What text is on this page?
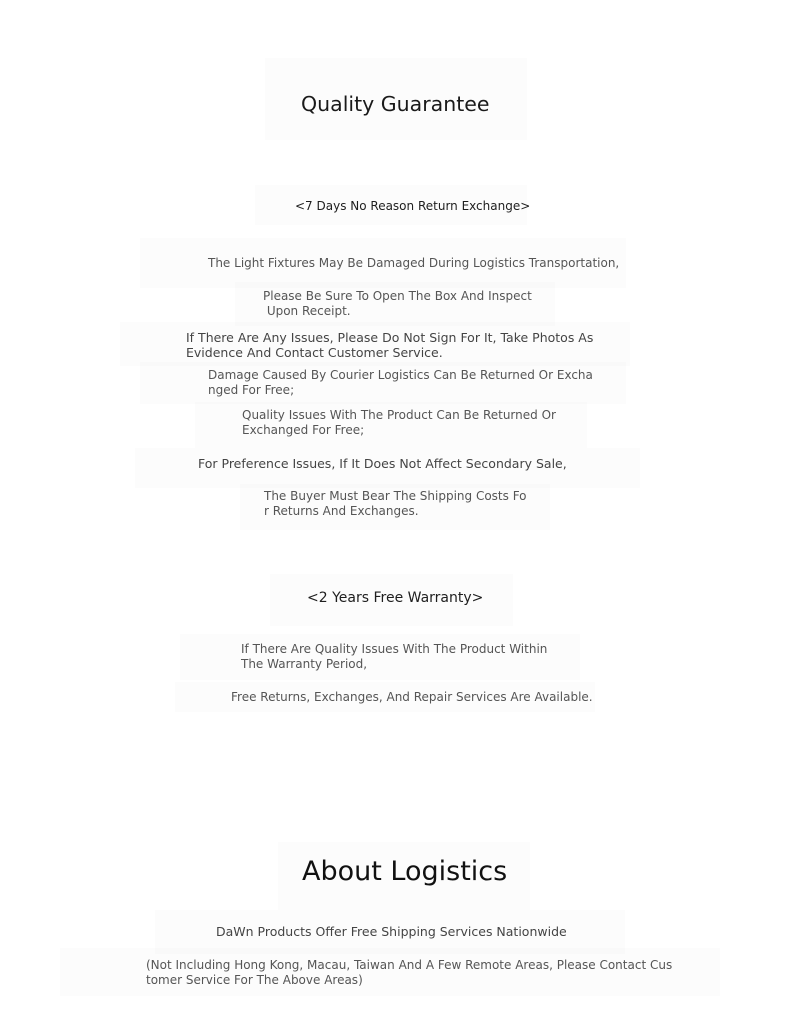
Quality Guarantee
<7 Days No Reason Return Exchange>
The Light Fixtures May Be Damaged During Logistics Transportation,
Please Be Sure To Open The Box And Inspect
Upon Receipt.
If There Are Any Issues, Please Do Not Sign For It, Take Photos As
Evidence And Contact Customer Service.
Damage Caused By Courier Logistics Can Be Returned Or Excha
nged For Free;
Quality Issues With The Product Can Be Returned Or
Exchanged For Free;
For Preference Issues, If It Does Not Affect Secondary Sale,
The Buyer Must Bear The Shipping Costs Fo
r Returns And Exchanges.
<2 Years Free Warranty>
If There Are Quality Issues With The Product Within
The Warranty Period,
Free Returns, Exchanges, And Repair Services Are Available.
About Logistics
DaWn Products Offer Free Shipping Services Nationwide
(Not Including Hong Kong, Macau, Taiwan And A Few Remote Areas, Please Contact Cus
tomer Service For The Above Areas)
